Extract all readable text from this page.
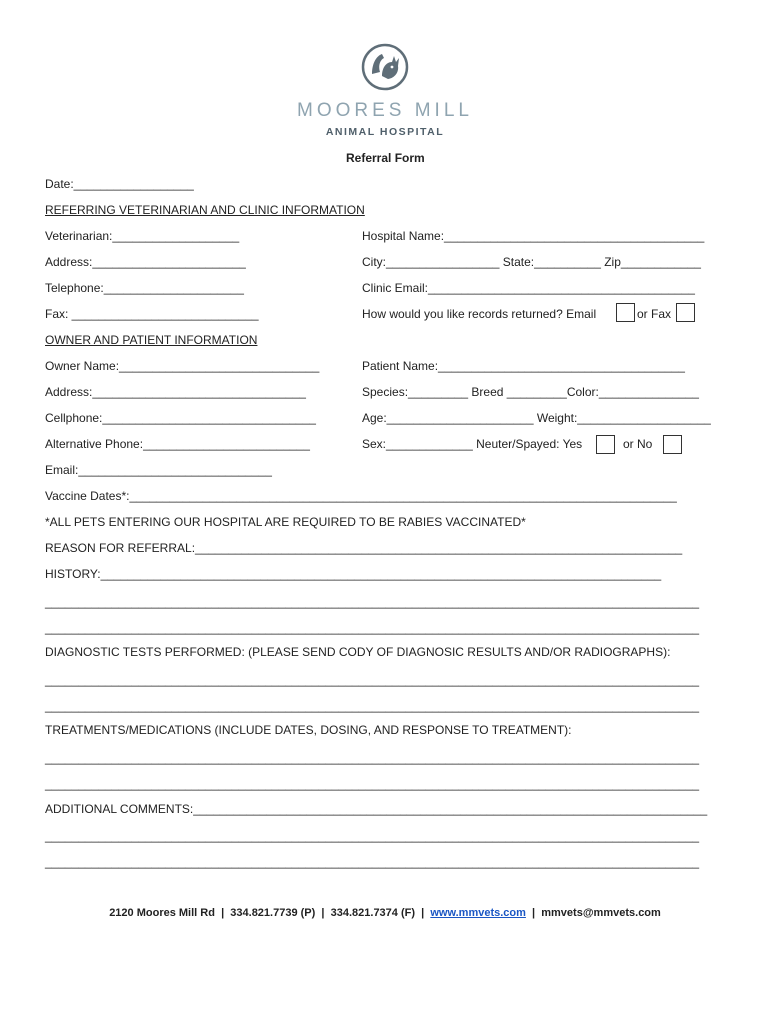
MOORES MILL
ANIMAL HOSPITAL
Referral Form
Date:__________________
REFERRING VETERINARIAN AND CLINIC INFORMATION
Veterinarian:___________________	Hospital Name:_______________________________________
Address:_______________________	City:_________________ State:__________ Zip____________
Telephone:_____________________	Clinic Email:________________________________________
Fax: ____________________________	How would you like records returned? Email	or Fax
OWNER AND PATIENT INFORMATION
Owner Name:______________________________	Patient Name:_____________________________________
Address:________________________________	Species:_________ Breed _________Color:_______________
Cellphone:________________________________	Age:______________________ Weight:____________________
Alternative Phone:_________________________	Sex:_____________ Neuter/Spayed: Yes	or No
Email:_____________________________
Vaccine Dates*:__________________________________________________________________________________
*ALL PETS ENTERING OUR HOSPITAL ARE REQUIRED TO BE RABIES VACCINATED*
REASON FOR REFERRAL:_________________________________________________________________________
HISTORY:____________________________________________________________________________________
__________________________________________________________________________________________________
__________________________________________________________________________________________________
DIAGNOSTIC TESTS PERFORMED: (PLEASE SEND CODY OF DIAGNOSIC RESULTS AND/OR RADIOGRAPHS):
__________________________________________________________________________________________________
__________________________________________________________________________________________________
TREATMENTS/MEDICATIONS (INCLUDE DATES, DOSING, AND RESPONSE TO TREATMENT):
__________________________________________________________________________________________________
__________________________________________________________________________________________________
ADDITIONAL COMMENTS:_____________________________________________________________________________
__________________________________________________________________________________________________
__________________________________________________________________________________________________
2120 Moores Mill Rd | 334.821.7739 (P) | 334.821.7374 (F) | www.mmvets.com | mmvets@mmvets.com
